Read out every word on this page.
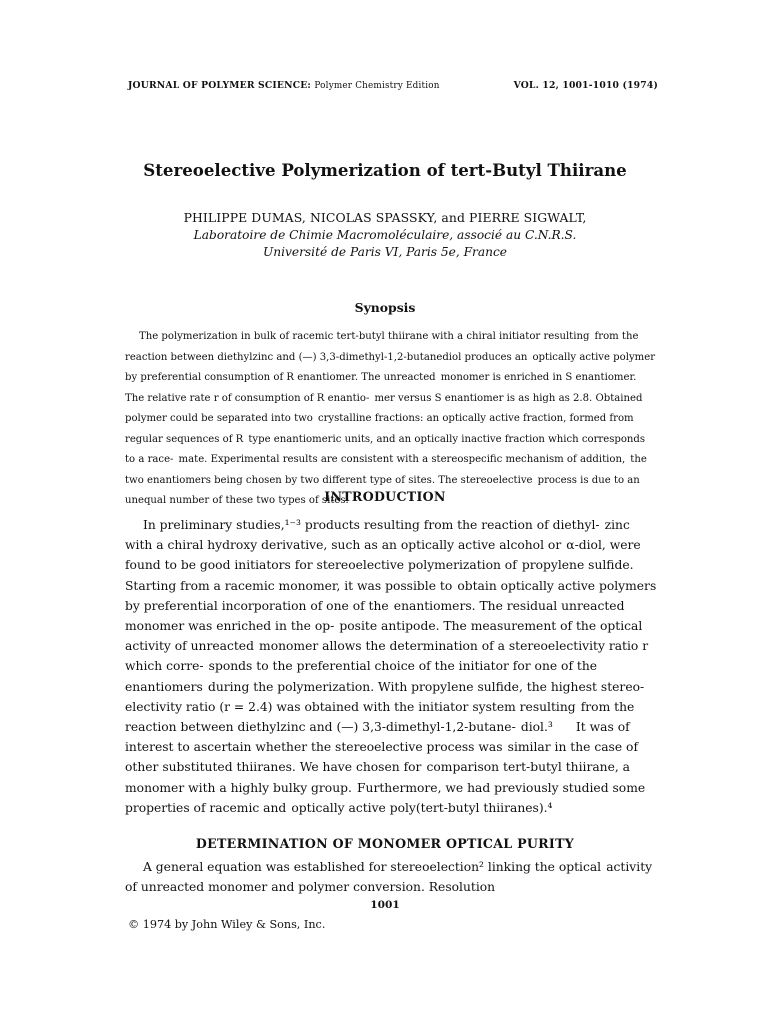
JOURNAL OF POLYMER SCIENCE: Polymer Chemistry Edition	VOL. 12, 1001-1010 (1974)
Stereoelective Polymerization of tert-Butyl Thiirane
PHILIPPE DUMAS, NICOLAS SPASSKY, and PIERRE SIGWALT,
Laboratoire de Chimie Macromoléculaire, associé au C.N.R.S.
Université de Paris VI, Paris 5e, France
Synopsis
The polymerization in bulk of racemic tert-butyl thiirane with a chiral initiator resulting from the reaction between diethylzinc and (—) 3,3-dimethyl-1,2-butanediol produces an optically active polymer by preferential consumption of R enantiomer. The unreacted monomer is enriched in S enantiomer. The relative rate r of consumption of R enantio- mer versus S enantiomer is as high as 2.8. Obtained polymer could be separated into two crystalline fractions: an optically active fraction, formed from regular sequences of R type enantiomeric units, and an optically inactive fraction which corresponds to a race- mate. Experimental results are consistent with a stereospecific mechanism of addition, the two enantiomers being chosen by two different type of sites. The stereoelective process is due to an unequal number of these two types of sites.
INTRODUCTION
In preliminary studies,¹⁻³ products resulting from the reaction of diethyl- zinc with a chiral hydroxy derivative, such as an optically active alcohol or α-diol, were found to be good initiators for stereoelective polymerization of propylene sulfide. Starting from a racemic monomer, it was possible to obtain optically active polymers by preferential incorporation of one of the enantiomers. The residual unreacted monomer was enriched in the op- posite antipode. The measurement of the optical activity of unreacted monomer allows the determination of a stereoelectivity ratio r which corre- sponds to the preferential choice of the initiator for one of the enantiomers during the polymerization. With propylene sulfide, the highest stereo- electivity ratio (r = 2.4) was obtained with the initiator system resulting from the reaction between diethylzinc and (—) 3,3-dimethyl-1,2-butane- diol.³ It was of interest to ascertain whether the stereoelective process was similar in the case of other substituted thiiranes. We have chosen for comparison tert-butyl thiirane, a monomer with a highly bulky group. Furthermore, we had previously studied some properties of racemic and optically active poly(tert-butyl thiiranes).⁴
DETERMINATION OF MONOMER OPTICAL PURITY
A general equation was established for stereoelection² linking the optical activity of unreacted monomer and polymer conversion. Resolution
1001
© 1974 by John Wiley & Sons, Inc.
